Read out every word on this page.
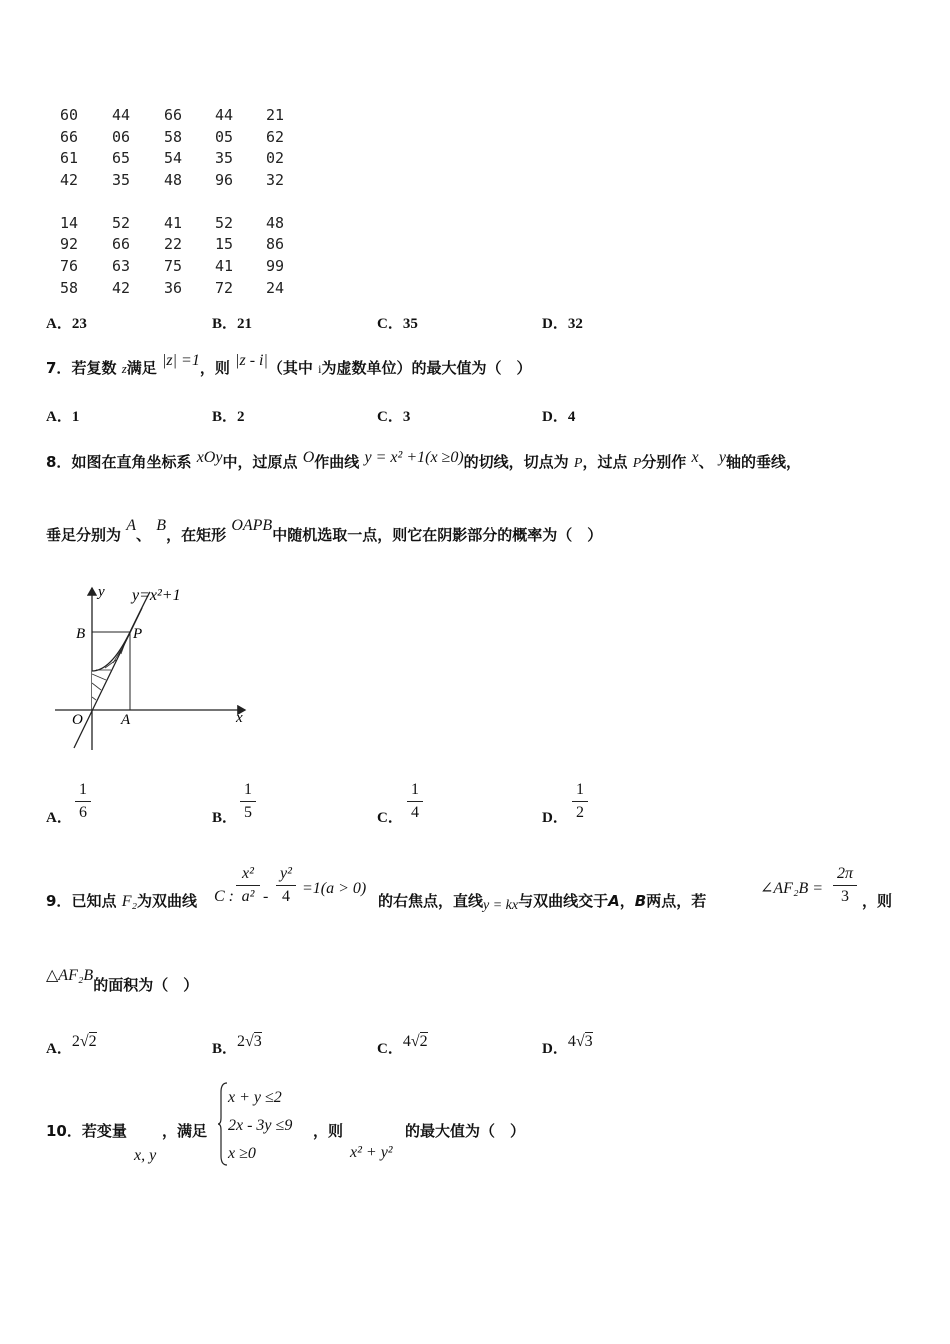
60 44 66 44 21
66 06 58 05 62
61 65 54 35 02
42 35 48 96 32
14 52 41 52 48
92 66 22 15 86
76 63 75 41 99
58 42 36 72 24
A．23	B．21	C．35	D．32
7．若复数 z满足 |z| =1，则 |z - i|（其中 i为虚数单位）的最大值为（　）
A．1	B．2	C．3	D．4
8．如图在直角坐标系 xOy中，过原点 O作曲线 y = x² +1(x ≥0)的切线，切点为 P，过点 P分别作 x、 y轴的垂线，
垂足分别为 A、 B，在矩形 OAPB中随机选取一点，则它在阴影部分的概率为（　）
y=x²+1
y
x
B	P
O	A
A．
1
6	B．
1
5	C．
1
4	D．
1
2
9．已知点 F₂为双曲线 C :
x²
a² -
y²
4 =1(a > 0)
的右焦点，直线y = kx与双曲线交于A，B两点，若
∠AF₂B =
2π
3 ，则
△AF₂B的面积为（　）
A．2√2	B．2√3	C．4√2	D．4√3
10．若变量
x, y
，满足
x + y ≤2
2x - 3y ≤9
x ≥0
，则
x² + y²
的最大值为（　）
